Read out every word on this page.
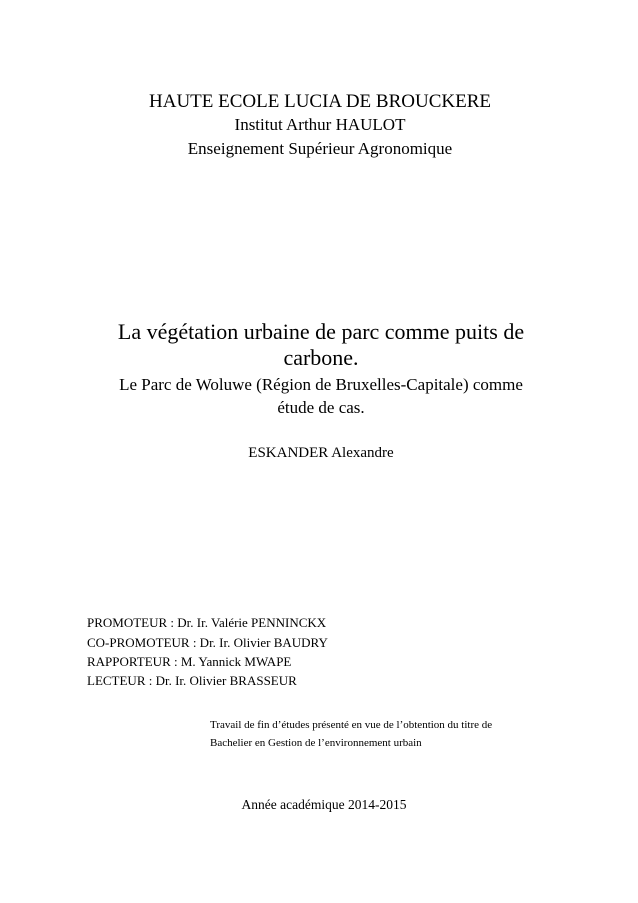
HAUTE ECOLE LUCIA DE BROUCKERE

Institut Arthur HAULOT

Enseignement Supérieur Agronomique

La végétation urbaine de parc comme puits de

carbone.

Le Parc de Woluwe (Région de Bruxelles-Capitale) comme

étude de cas.

ESKANDER Alexandre

PROMOTEUR : Dr. Ir. Valérie PENNINCKX

CO-PROMOTEUR : Dr. Ir. Olivier BAUDRY

RAPPORTEUR : M. Yannick MWAPE

LECTEUR : Dr. Ir. Olivier BRASSEUR

Travail de fin d’études présenté en vue de l’obtention du titre de

Bachelier en Gestion de l’environnement urbain

Année académique 2014-2015
